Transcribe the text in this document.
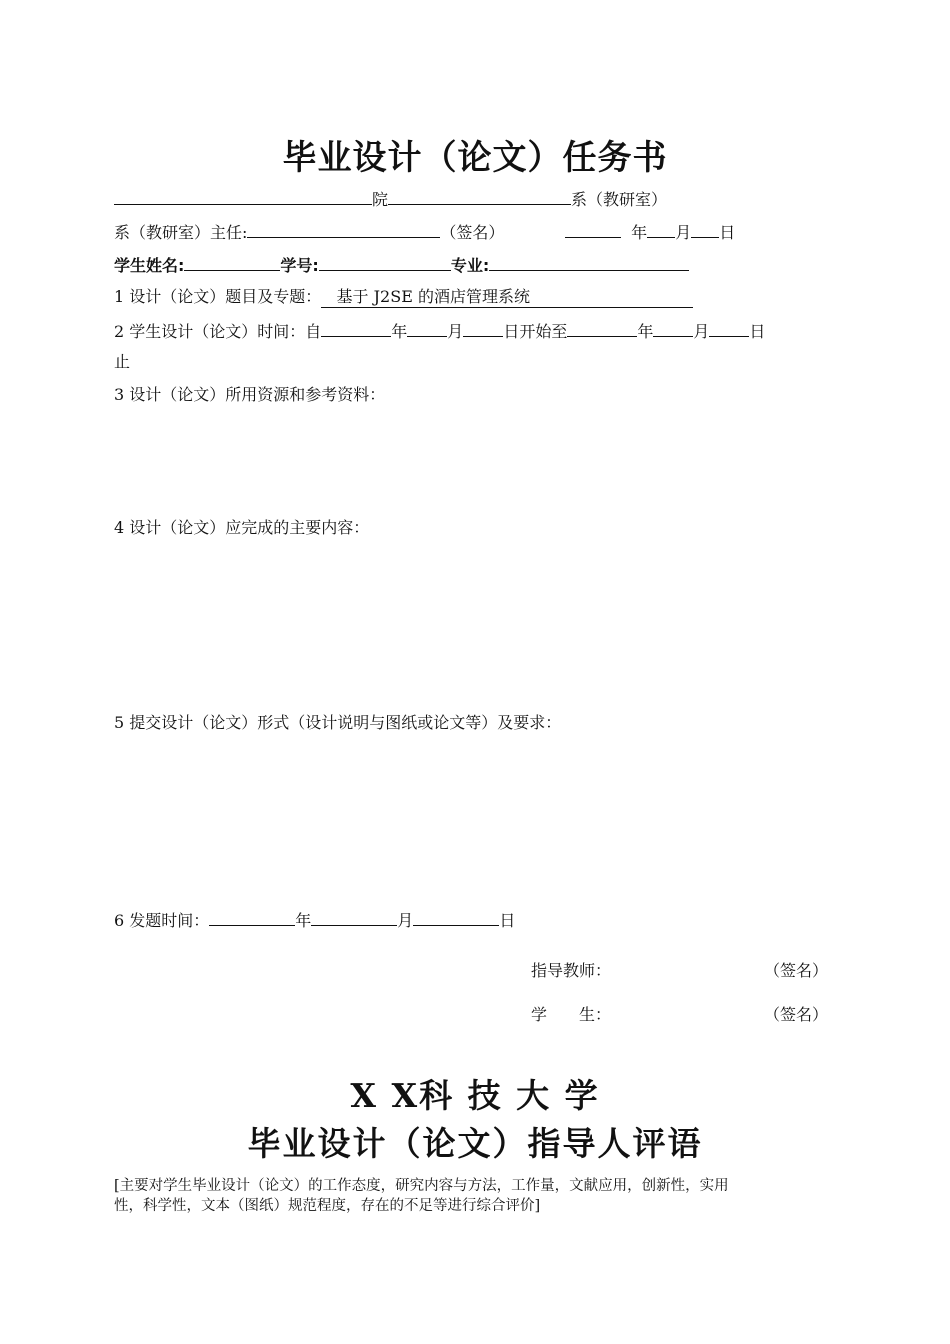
毕业设计（论文）任务书
院	系（教研室）
系（教研室）主任:	（签名）	年 月 日
学生姓名:	学号:	专业:
1 设计（论文）题目及专题： 基于 J2SE 的酒店管理系统
2 学生设计（论文）时间：自	年	月	日开始至	年	月	日
止
3 设计（论文）所用资源和参考资料：
4 设计（论文）应完成的主要内容：
5 提交设计（论文）形式（设计说明与图纸或论文等）及要求：
6 发题时间：	年	月	日
指导教师：	（签名）
学　　生：	（签名）
X X科 技 大 学
毕业设计（论文）指导人评语
[主要对学生毕业设计（论文）的工作态度，研究内容与方法，工作量，文献应用，创新性，实用
性，科学性，文本（图纸）规范程度，存在的不足等进行综合评价]
